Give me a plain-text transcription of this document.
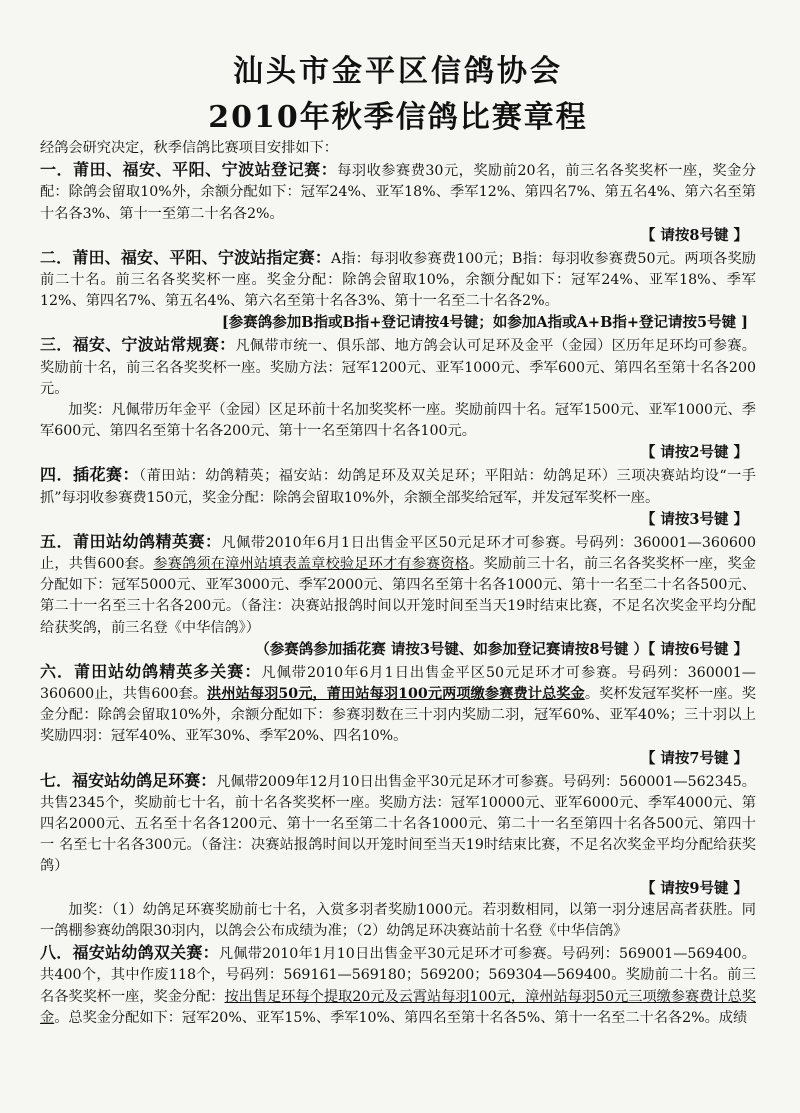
汕头市金平区信鸽协会
2010年秋季信鸽比赛章程

经鸽会研究决定，秋季信鸽比赛项目安排如下：

一．莆田、福安、平阳、宁波站登记赛：每羽收参赛费30元，奖励前20名，前三名各奖奖杯一座，奖金分配：除鸽会留取10%外，余额分配如下：冠军24%、亚军18%、季军12%、第四名7%、第五名4%、第六名至第十名各3%、第十一至第二十名各2%。

【 请按8号键 】

二．莆田、福安、平阳、宁波站指定赛：A指：每羽收参赛费100元；B指：每羽收参赛费50元。两项各奖励前二十名。前三名各奖奖杯一座。奖金分配：除鸽会留取10%，余额分配如下：冠军24%、亚军18%、季军12%、第四名7%、第五名4%、第六名至第十名各3%、第十一名至二十名各2%。

[参赛鸽参加B指或B指+登记请按4号键；如参加A指或A+B指+登记请按5号键 ]

三．福安、宁波站常规赛：凡佩带市统一、俱乐部、地方鸽会认可足环及金平（金园）区历年足环均可参赛。奖励前十名，前三名各奖奖杯一座。奖励方法：冠军1200元、亚军1000元、季军600元、第四名至第十名各200元。

加奖：凡佩带历年金平（金园）区足环前十名加奖奖杯一座。奖励前四十名。冠军1500元、亚军1000元、季军600元、第四名至第十名各200元、第十一名至第四十名各100元。

【 请按2号键 】

四．插花赛：（莆田站：幼鸽精英；福安站：幼鸽足环及双关足环；平阳站：幼鸽足环）三项决赛站均设“一手抓”每羽收参赛费150元，奖金分配：除鸽会留取10%外，余额全部奖给冠军，并发冠军奖杯一座。

【 请按3号键 】

五．莆田站幼鸽精英赛：凡佩带2010年6月1日出售金平区50元足环才可参赛。号码列：360001—360600止，共售600套。参赛鸽须在漳州站填表盖章校验足环才有参赛资格。奖励前三十名，前三名各奖奖杯一座，奖金分配如下：冠军5000元、亚军3000元、季军2000元、第四名至第十名各1000元、第十一名至二十名各500元、第二十一名至三十名各200元。（备注：决赛站报鸽时间以开笼时间至当天19时结束比赛，不足名次奖金平均分配给获奖鸽，前三名登《中华信鸽》）

（参赛鸽参加插花赛 请按3号键、如参加登记赛请按8号键 ）【 请按6号键 】

六．莆田站幼鸽精英多关赛：凡佩带2010年6月1日出售金平区50元足环才可参赛。号码列：360001—360600止，共售600套。洪州站每羽50元，莆田站每羽100元两项缴参赛费计总奖金。奖杯发冠军奖杯一座。奖金分配：除鸽会留取10%外，余额分配如下：参赛羽数在三十羽内奖励二羽，冠军60%、亚军40%；三十羽以上奖励四羽：冠军40%、亚军30%、季军20%、四名10%。

【 请按7号键 】

七．福安站幼鸽足环赛：凡佩带2009年12月10日出售金平30元足环才可参赛。号码列：560001—562345。共售2345个，奖励前七十名，前十名各奖奖杯一座。奖励方法：冠军10000元、亚军6000元、季军4000元、第四名2000元、五名至十名各1200元、第十一名至第二十名各1000元、第二十一名至第四十名各500元、第四十一 名至七十名各300元。（备注：决赛站报鸽时间以开笼时间至当天19时结束比赛，不足名次奖金平均分配给获奖鸽）

【 请按9号键 】

加奖：（1）幼鸽足环赛奖励前七十名，入赏多羽者奖励1000元。若羽数相同，以第一羽分速居高者获胜。同一鸽棚参赛幼鸽限30羽内，以鸽会公布成绩为准；（2）幼鸽足环决赛站前十名登《中华信鸽》

八．福安站幼鸽双关赛：凡佩带2010年1月10日出售金平30元足环才可参赛。号码列：569001—569400。共400个，其中作废118个，号码列：569161—569180；569200；569304—569400。奖励前二十名。前三名各奖奖杯一座，奖金分配：按出售足环每个提取20元及云霄站每羽100元，漳州站每羽50元三项缴参赛费计总奖金。总奖金分配如下：冠军20%、亚军15%、季军10%、第四名至第十名各5%、第十一名至二十名各2%。成绩
